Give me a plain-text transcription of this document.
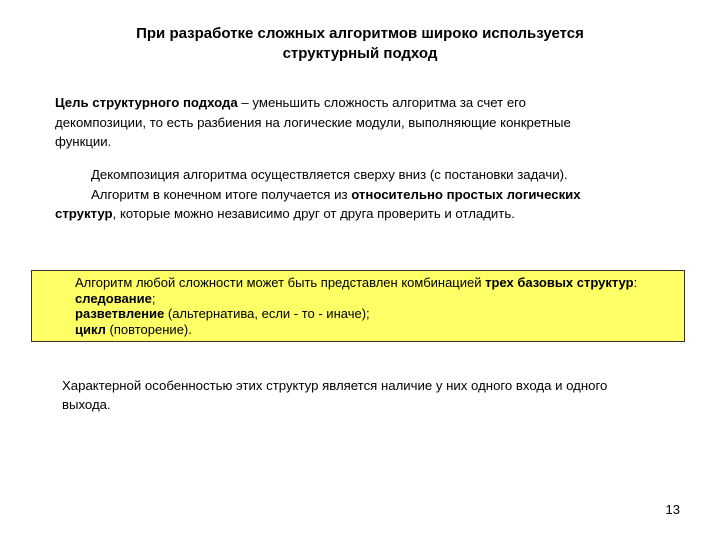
При разработке сложных алгоритмов широко используется
структурный подход
Цель структурного подхода – уменьшить сложность алгоритма за счет его
декомпозиции, то есть разбиения на логические модули, выполняющие конкретные
функции.
Декомпозиция алгоритма осуществляется сверху вниз (с постановки задачи).
Алгоритм в конечном итоге получается из относительно простых логических
структур, которые можно независимо друг от друга проверить и отладить.
Алгоритм любой сложности может быть представлен комбинацией трех базовых структур:
следование;
разветвление (альтернатива, если - то - иначе);
цикл (повторение).
Характерной особенностью этих структур является наличие у них одного входа и одного
выхода.
13
